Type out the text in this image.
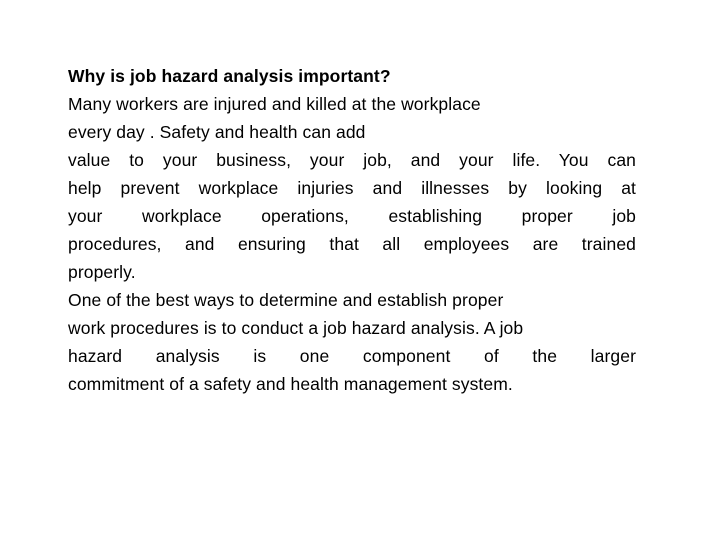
Why is job hazard analysis important?
Many workers are injured and killed at the workplace
every day . Safety and health can add
value to your business, your job, and your life. You can
help prevent workplace injuries and illnesses by looking at
your workplace operations, establishing proper job
procedures, and ensuring that all employees are trained
properly.
One of the best ways to determine and establish proper
work procedures is to conduct a job hazard analysis. A job
hazard analysis is one component of the larger
commitment of a safety and health management system.
